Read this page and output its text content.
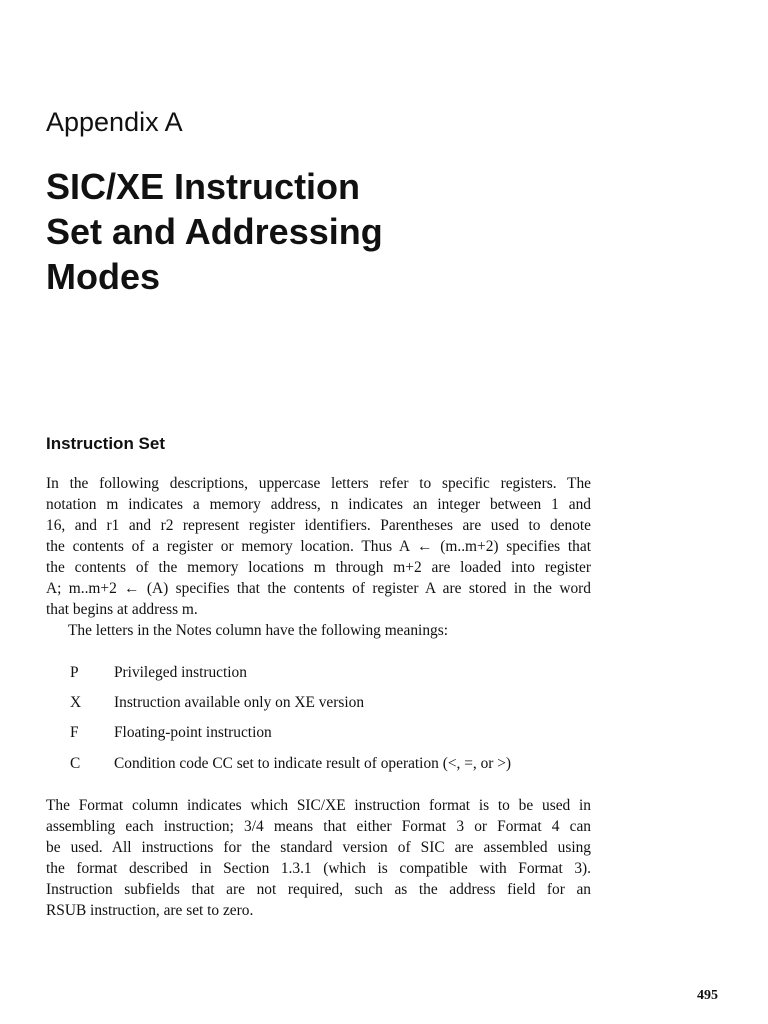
Appendix A
SIC/XE Instruction
Set and Addressing
Modes
Instruction Set

In the following descriptions, uppercase letters refer to specific registers. The
notation m indicates a memory address, n indicates an integer between 1 and
16, and r1 and r2 represent register identifiers. Parentheses are used to denote
the contents of a register or memory location. Thus A ← (m..m+2) specifies that
the contents of the memory locations m through m+2 are loaded into register
A; m..m+2 ← (A) specifies that the contents of register A are stored in the word
that begins at address m.

The letters in the Notes column have the following meanings:

P Privileged instruction
X Instruction available only on XE version
F Floating-point instruction
C Condition code CC set to indicate result of operation (<, =, or >)

The Format column indicates which SIC/XE instruction format is to be used in
assembling each instruction; 3/4 means that either Format 3 or Format 4 can
be used. All instructions for the standard version of SIC are assembled using
the format described in Section 1.3.1 (which is compatible with Format 3).
Instruction subfields that are not required, such as the address field for an
RSUB instruction, are set to zero.

495
